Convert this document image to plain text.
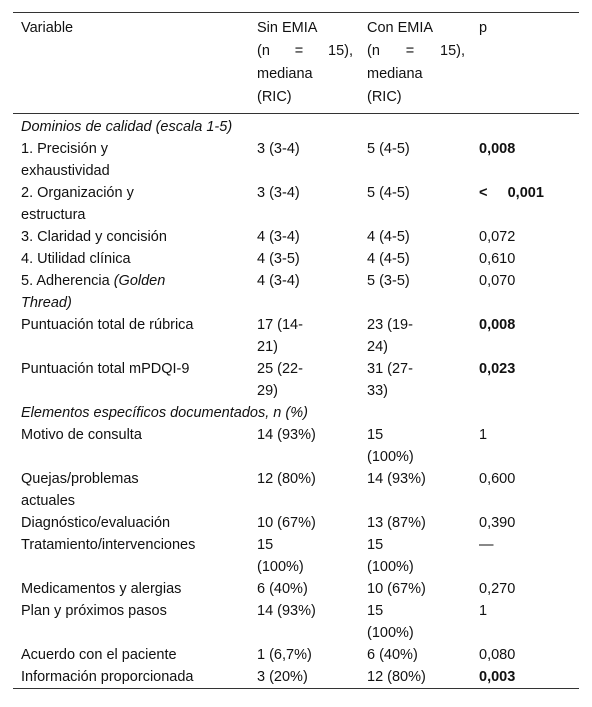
Variable	Sin EMIA
(n = 15),
mediana
(RIC)	Con EMIA
(n = 15),
mediana
(RIC)	p
Dominios de calidad (escala 1-5)			

1. Precisión y
exhaustividad	3 (3-4)	5 (4-5)	0,008

2. Organización y
estructura	3 (3-4)	5 (4-5)	<     0,001
3. Claridad y concisión	4 (3-4)	4 (4-5)	0,072
4. Utilidad clínica	4 (3-5)	4 (4-5)	0,610
5. Adherencia (Golden
Thread)	4 (3-4)	5 (3-5)	0,070
Puntuación total de rúbrica	17 (14-
21)	23 (19-
24)	0,008
Puntuación total mPDQI-9	25 (22-
29)	31 (27-
33)	0,023
Elementos específicos documentados, n (%)			
Motivo de consulta	14 (93%)	15
(100%)	1

Quejas/problemas
actuales	12 (80%)	14 (93%)	0,600
Diagnóstico/evaluación	10 (67%)	13 (87%)	0,390
Tratamiento/intervenciones	15
(100%)	15
(100%)	—
Medicamentos y alergias	6 (40%)	10 (67%)	0,270
Plan y próximos pasos	14 (93%)	15
(100%)	1
Acuerdo con el paciente	1 (6,7%)	6 (40%)	0,080
Información proporcionada	3 (20%)	12 (80%)	0,003
